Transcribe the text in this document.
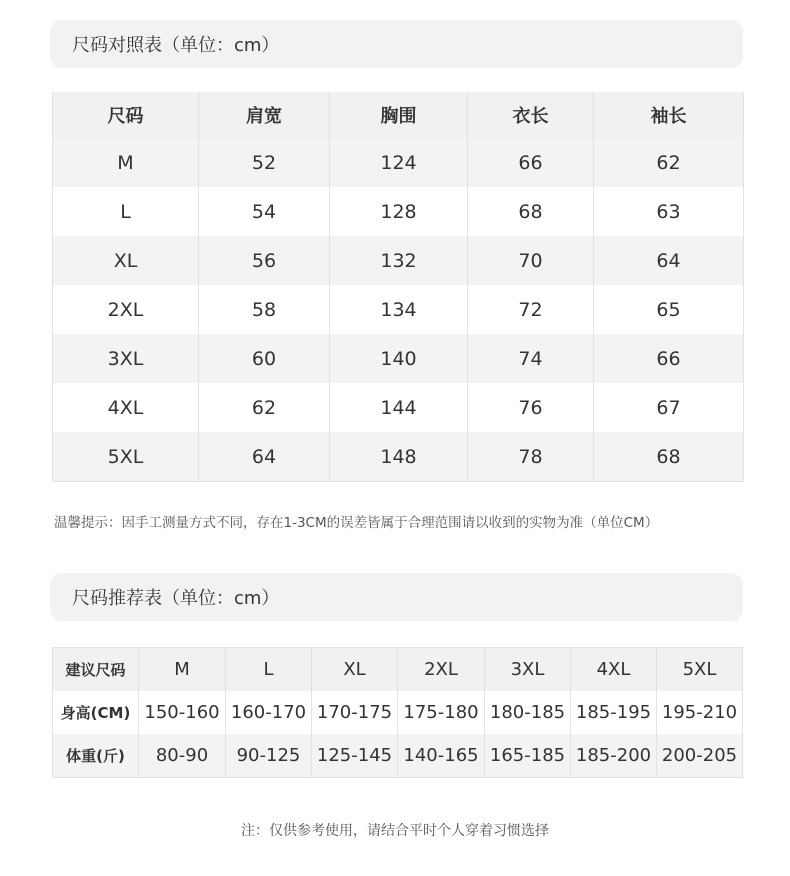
尺码对照表（单位：cm）
尺码	肩宽	胸围	衣长	袖长
M	52	124	66	62
L	54	128	68	63
XL	56	132	70	64
2XL	58	134	72	65
3XL	60	140	74	66
4XL	62	144	76	67
5XL	64	148	78	68
温馨提示：因手工测量方式不同，存在1-3CM的误差皆属于合理范围请以收到的实物为准（单位CM）
尺码推荐表（单位：cm）
建议尺码	M	L	XL	2XL	3XL	4XL	5XL
身高(CM)	150-160	160-170	170-175	175-180	180-185	185-195	195-210
体重(斤)	80-90	90-125	125-145	140-165	165-185	185-200	200-205
注：仅供参考使用，请结合平时个人穿着习惯选择
